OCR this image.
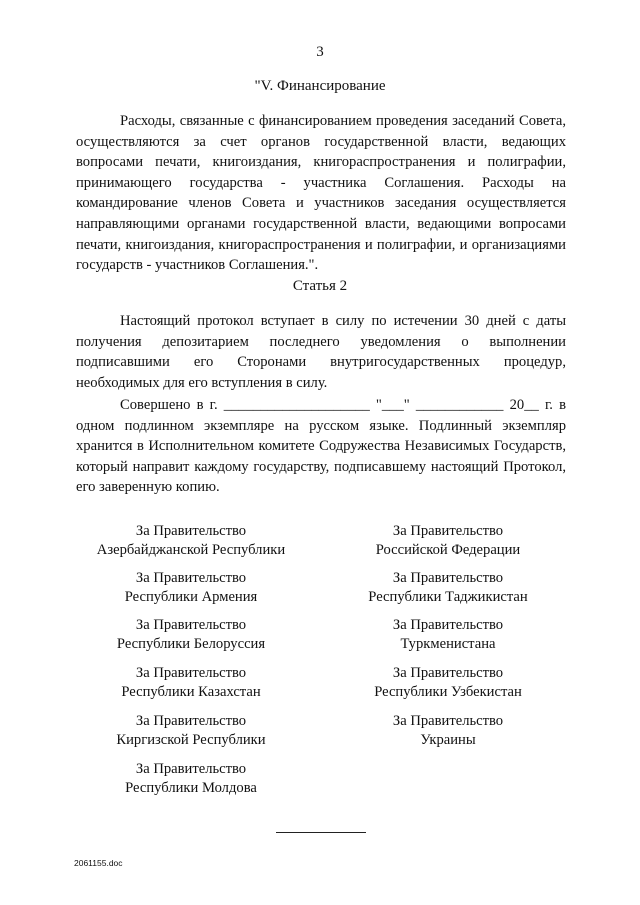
3
"V. Финансирование

Расходы, связанные с финансированием проведения заседаний Совета, осуществляются за счет органов государственной власти, ведающих вопросами печати, книгоиздания, книгораспространения и полиграфии, принимающего государства - участника Соглашения. Расходы на командирование членов Совета и участников заседания осуществляется направляющими органами государственной власти, ведающими вопросами печати, книгоиздания, книгораспространения и полиграфии, и организациями государств - участников Соглашения.".

Статья 2

Настоящий протокол вступает в силу по истечении 30 дней с даты получения депозитарием последнего уведомления о выполнении подписавшими его Сторонами внутригосударственных процедур, необходимых для его вступления в силу.

Совершено в г. ____________________ "___" ____________ 20__ г. в одном подлинном экземпляре на русском языке. Подлинный экземпляр хранится в Исполнительном комитете Содружества Независимых Государств, который направит каждому государству, подписавшему настоящий Протокол, его заверенную копию.

За Правительство
Азербайджанской Республики
За Правительство
Республики Армения
За Правительство
Республики Белоруссия
За Правительство
Республики Казахстан
За Правительство
Киргизской Республики
За Правительство
Республики Молдова
За Правительство
Российской Федерации
За Правительство
Республики Таджикистан
За Правительство
Туркменистана
За Правительство
Республики Узбекистан
За Правительство
Украины
2061155.doc
